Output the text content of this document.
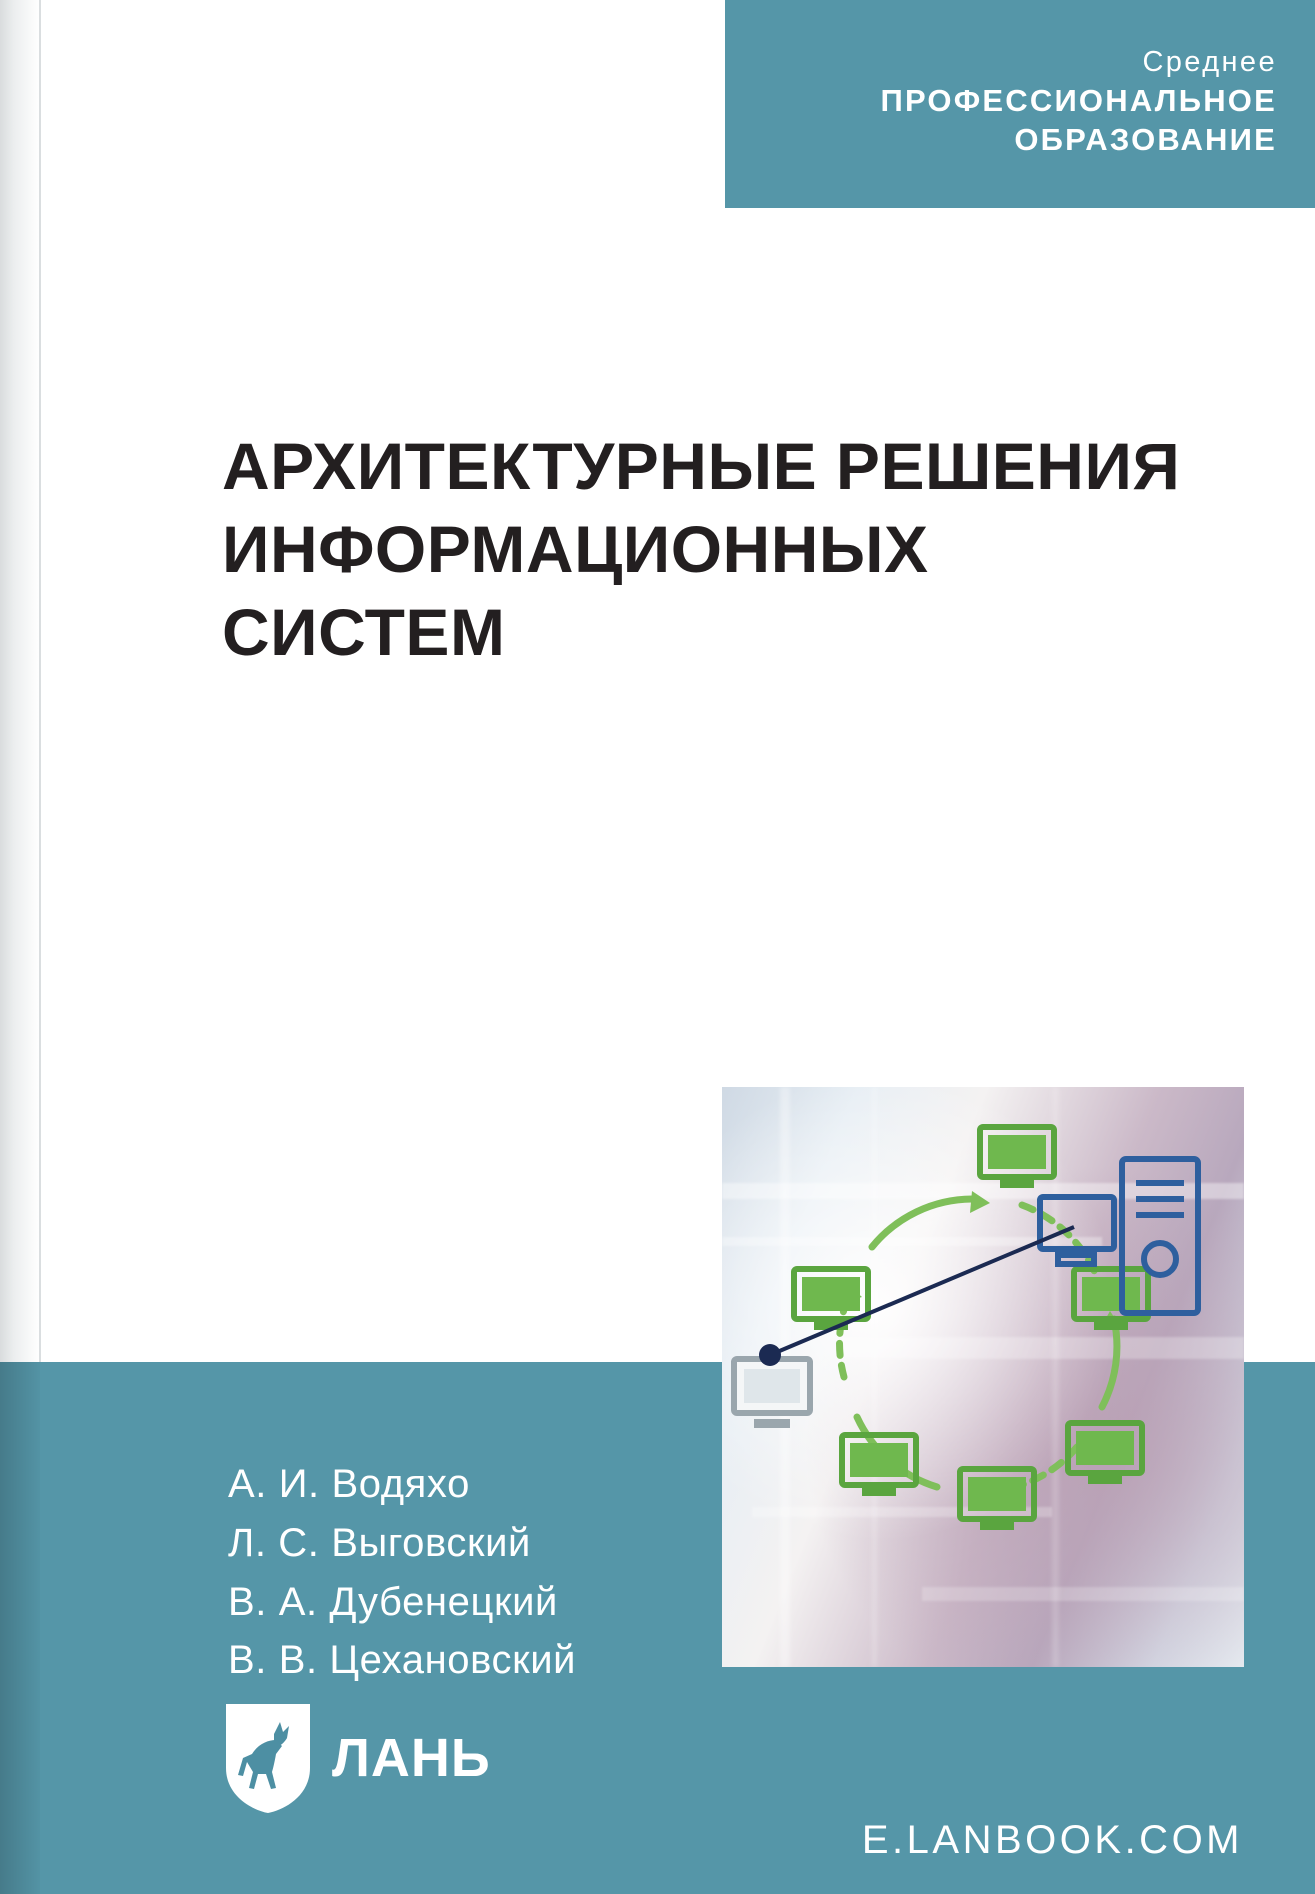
Среднее
ПРОФЕССИОНАЛЬНОЕ
ОБРАЗОВАНИЕ
АРХИТЕКТУРНЫЕ РЕШЕНИЯ
ИНФОРМАЦИОННЫХ
СИСТЕМ
А. И. Водяхо
Л. С. Выговский
В. А. Дубенецкий
В. В. Цехановский
ЛАНЬ
E.LANBOOK.COM
